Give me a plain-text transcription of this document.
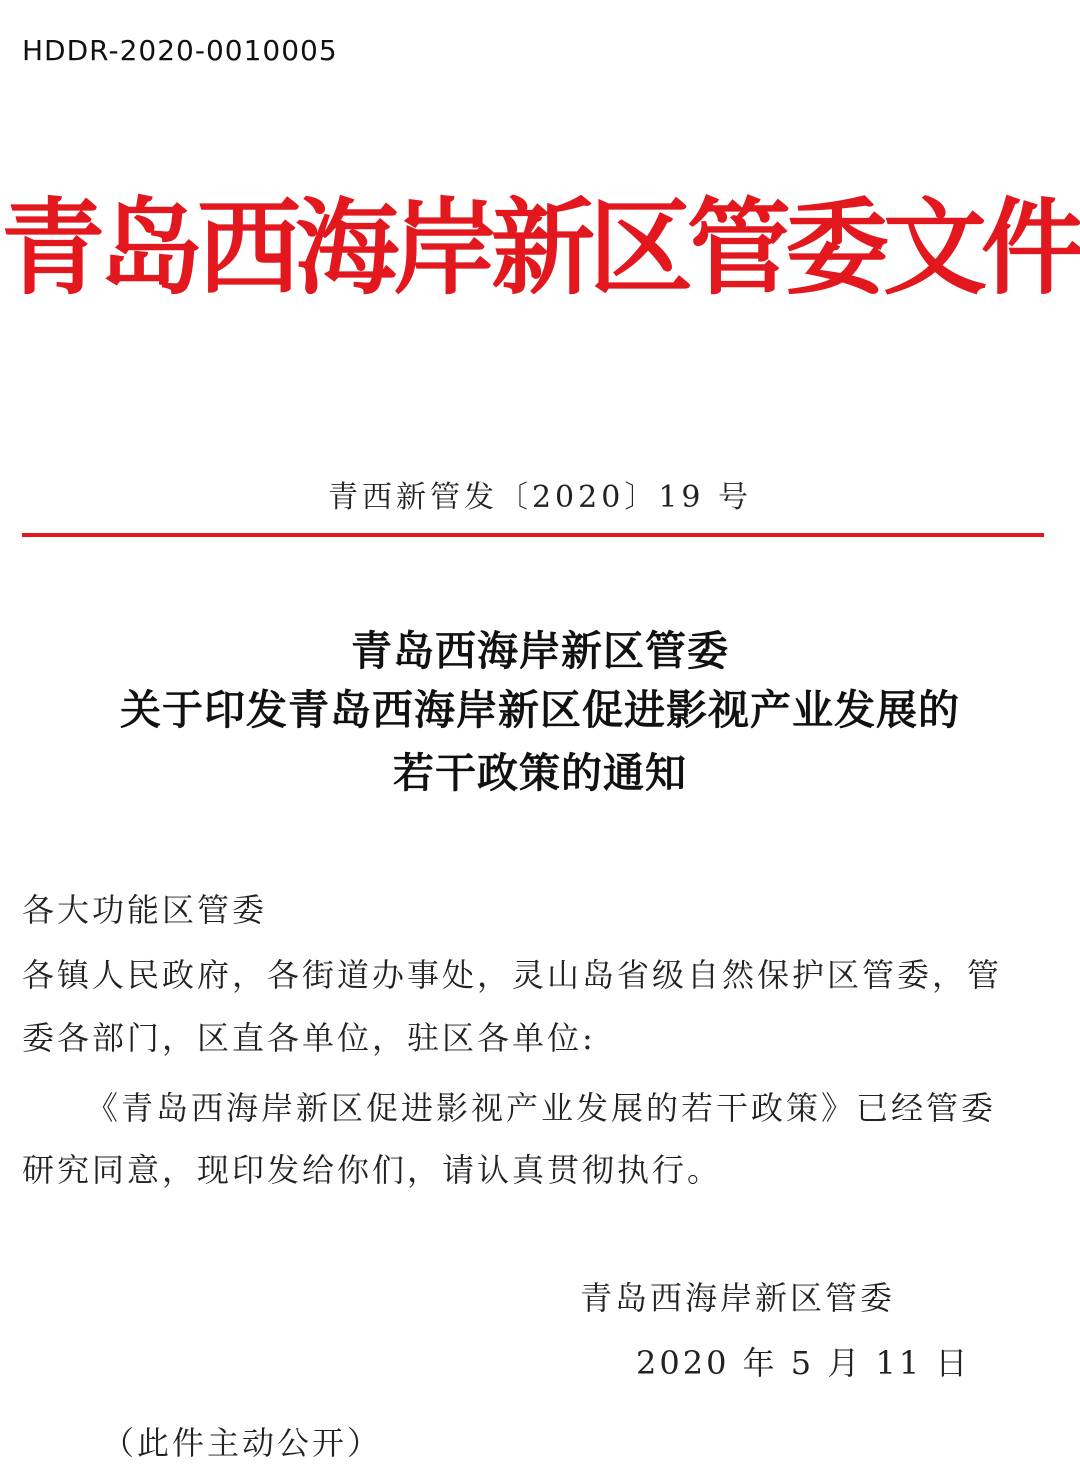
HDDR-2020-0010005
青岛西海岸新区管委文件
青西新管发〔2020〕19 号
青岛西海岸新区管委
关于印发青岛西海岸新区促进影视产业发展的
若干政策的通知
各大功能区管委
各镇人民政府，各街道办事处，灵山岛省级自然保护区管委，管
委各部门，区直各单位，驻区各单位:
《青岛西海岸新区促进影视产业发展的若干政策》已经管委
研究同意，现印发给你们，请认真贯彻执行。
青岛西海岸新区管委
2020 年 5 月 11 日
（此件主动公开）
